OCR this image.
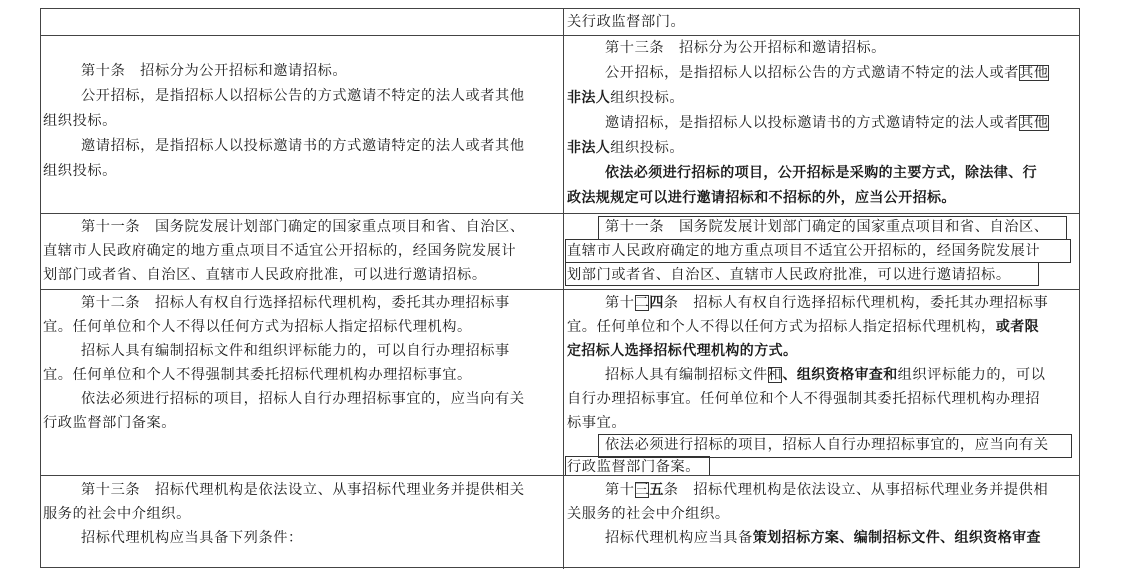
关行政监督部门。
第十条　招标分为公开招标和邀请招标。
公开招标，是指招标人以招标公告的方式邀请不特定的法人或者其他
组织投标。
邀请招标，是指招标人以投标邀请书的方式邀请特定的法人或者其他
组织投标。
第十三条　招标分为公开招标和邀请招标。
公开招标，是指招标人以招标公告的方式邀请不特定的法人或者其他
非法人组织投标。
邀请招标，是指招标人以投标邀请书的方式邀请特定的法人或者其他
非法人组织投标。
依法必须进行招标的项目，公开招标是采购的主要方式，除法律、行
政法规规定可以进行邀请招标和不招标的外，应当公开招标。
第十一条　国务院发展计划部门确定的国家重点项目和省、自治区、
直辖市人民政府确定的地方重点项目不适宜公开招标的，经国务院发展计
划部门或者省、自治区、直辖市人民政府批准，可以进行邀请招标。
第十一条　国务院发展计划部门确定的国家重点项目和省、自治区、
直辖市人民政府确定的地方重点项目不适宜公开招标的，经国务院发展计
划部门或者省、自治区、直辖市人民政府批准，可以进行邀请招标。
第十二条　招标人有权自行选择招标代理机构，委托其办理招标事
宜。任何单位和个人不得以任何方式为招标人指定招标代理机构。
招标人具有编制招标文件和组织评标能力的，可以自行办理招标事
宜。任何单位和个人不得强制其委托招标代理机构办理招标事宜。
依法必须进行招标的项目，招标人自行办理招标事宜的，应当向有关
行政监督部门备案。
第十二四条　招标人有权自行选择招标代理机构，委托其办理招标事
宜。任何单位和个人不得以任何方式为招标人指定招标代理机构，或者限
定招标人选择招标代理机构的方式。
招标人具有编制招标文件和、组织资格审查和组织评标能力的，可以
自行办理招标事宜。任何单位和个人不得强制其委托招标代理机构办理招
标事宜。
依法必须进行招标的项目，招标人自行办理招标事宜的，应当向有关
行政监督部门备案。
第十三条　招标代理机构是依法设立、从事招标代理业务并提供相关
服务的社会中介组织。
招标代理机构应当具备下列条件：
第十三五条　招标代理机构是依法设立、从事招标代理业务并提供相
关服务的社会中介组织。
招标代理机构应当具备策划招标方案、编制招标文件、组织资格审查
